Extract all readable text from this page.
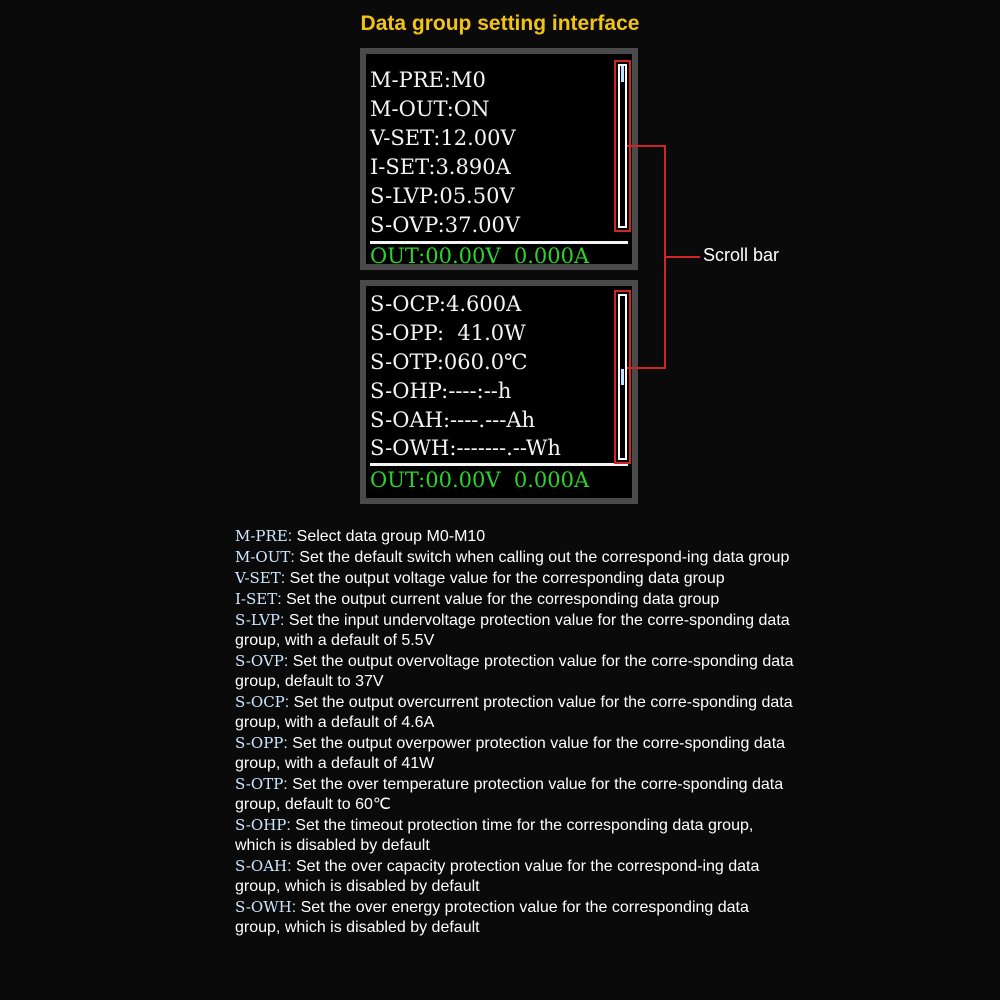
Data group setting interface
M-PRE:M0
M-OUT:ON
V-SET:12.00V
I-SET:3.890A
S-LVP:05.50V
S-OVP:37.00V
OUT:00.00V  0.000A
S-OCP:4.600A
S-OPP:  41.0W
S-OTP:060.0℃
S-OHP:----:--h
S-OAH:----.---Ah
S-OWH:-------.--Wh
OUT:00.00V  0.000A
Scroll bar
M-PRE: Select data group M0-M10
M-OUT: Set the default switch when calling out the correspond-ing data group
V-SET: Set the output voltage value for the corresponding data group
I-SET: Set the output current value for the corresponding data group
S-LVP: Set the input undervoltage protection value for the corre-sponding data group, with a default of 5.5V
S-OVP: Set the output overvoltage protection value for the corre-sponding data group, default to 37V
S-OCP: Set the output overcurrent protection value for the corre-sponding data group, with a default of 4.6A
S-OPP: Set the output overpower protection value for the corre-sponding data group, with a default of 41W
S-OTP: Set the over temperature protection value for the corre-sponding data group, default to 60℃
S-OHP: Set the timeout protection time for the corresponding data group, which is disabled by default
S-OAH: Set the over capacity protection value for the correspond-ing data group, which is disabled by default
S-OWH: Set the over energy protection value for the corresponding data group, which is disabled by default
